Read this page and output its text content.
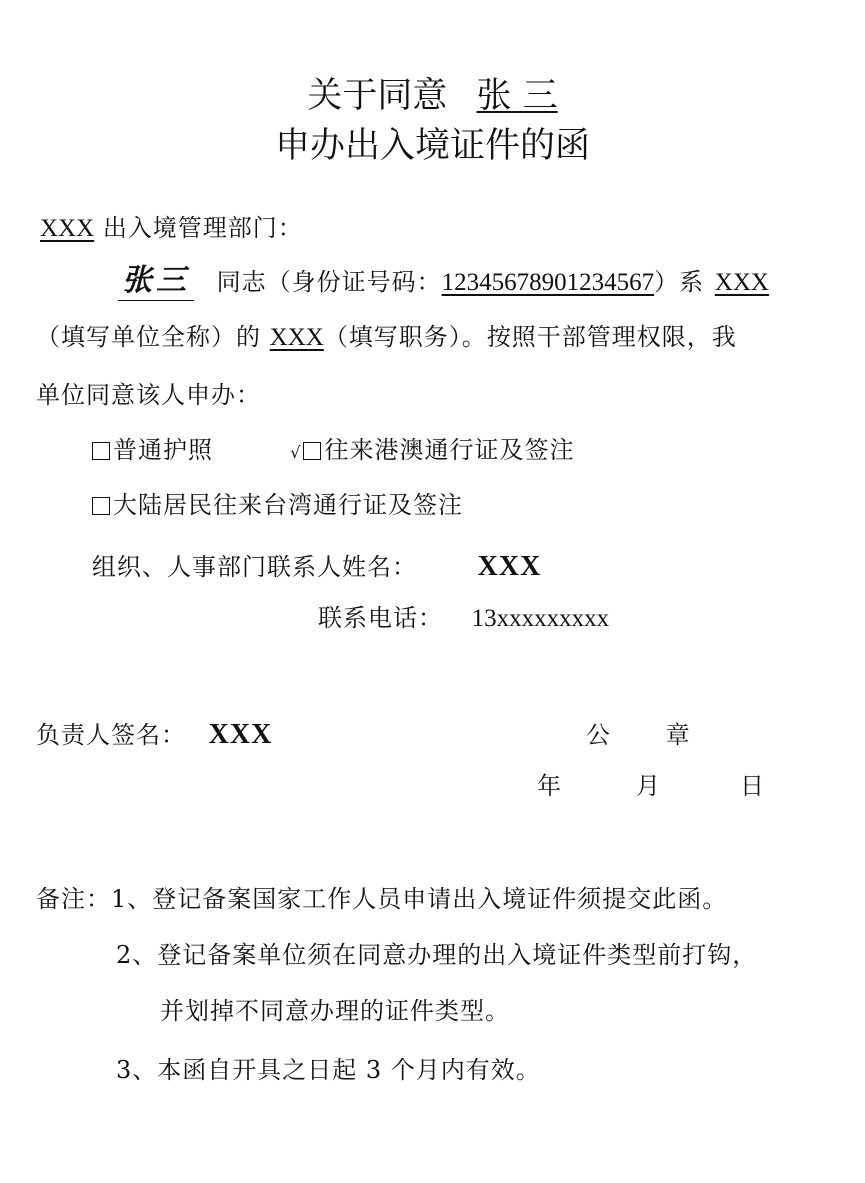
关于同意 张 三
申办出入境证件的函
XXX 出入境管理部门：
张三 同志（身份证号码：12345678901234567）系 XXX
（填写单位全称）的 XXX（填写职务）。按照干部管理权限，我
单位同意该人申办：
普通护照	√ 往来港澳通行证及签注
大陆居民往来台湾通行证及签注
组织、人事部门联系人姓名： XXX
联系电话： 13xxxxxxxxx
负责人签名： XXX	公　 章
年	月	日
备注：1、登记备案国家工作人员申请出入境证件须提交此函。
2、登记备案单位须在同意办理的出入境证件类型前打钩，
并划掉不同意办理的证件类型。
3、本函自开具之日起 3 个月内有效。
